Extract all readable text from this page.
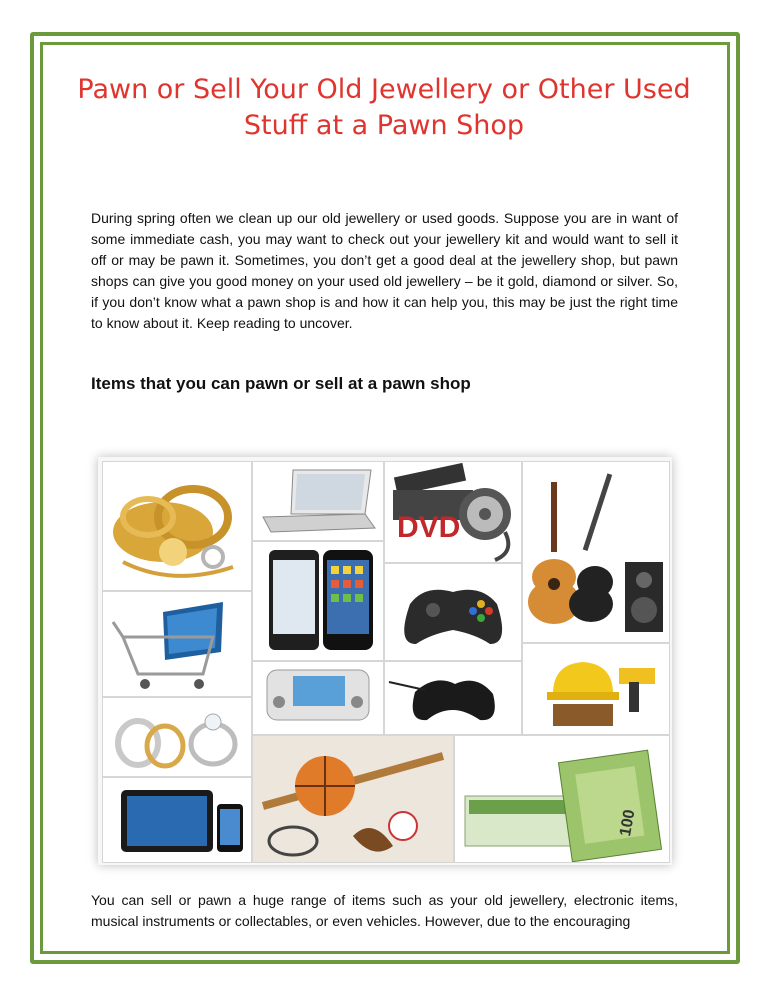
Pawn or Sell Your Old Jewellery or Other Used Stuff at a Pawn Shop

During spring often we clean up our old jewellery or used goods. Suppose you are in want of some immediate cash, you may want to check out your jewellery kit and would want to sell it off or may be pawn it. Sometimes, you don’t get a good deal at the jewellery shop, but pawn shops can give you good money on your used old jewellery – be it gold, diamond or silver. So, if you don’t know what a pawn shop is and how it can help you, this may be just the right time to know about it. Keep reading to uncover.

Items that you can pawn or sell at a pawn shop
DVD
100

You can sell or pawn a huge range of items such as your old jewellery, electronic items, musical instruments or collectables, or even vehicles. However, due to the encouraging
